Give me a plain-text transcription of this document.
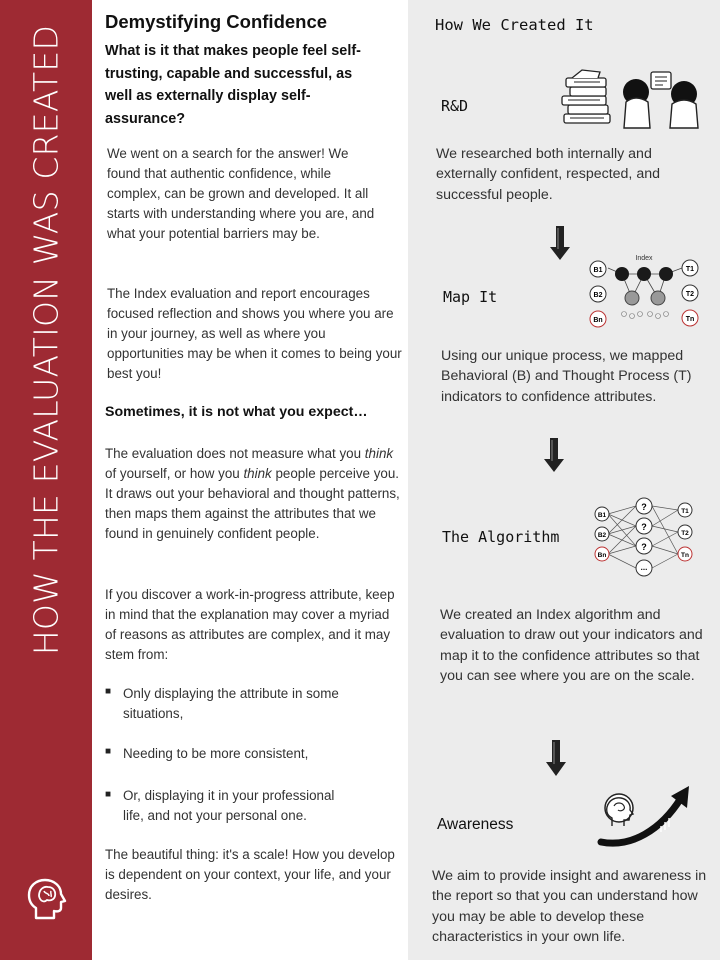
HOW THE EVALUATION WAS CREATED
Demystifying Confidence
What is it that makes people feel self-trusting, capable and successful, as well as externally display self-assurance?
We went on a search for the answer! We found that authentic confidence, while complex, can be grown and developed. It all starts with understanding where you are, and what your potential barriers may be.
The Index evaluation and report encourages focused reflection and shows you where you are in your journey, as well as where you opportunities may be when it comes to being your best you!
Sometimes, it is not what you expect…
The evaluation does not measure what you think of yourself, or how you think people perceive you. It draws out your behavioral and thought patterns, then maps them against the attributes that we found in genuinely confident people.
If you discover a work-in-progress attribute, keep in mind that the explanation may cover a myriad of reasons as attributes are complex, and it may stem from:
■ Only displaying the attribute in some situations,
■ Needing to be more consistent,
■ Or, displaying it in your professional life, and not your personal one.
The beautiful thing: it's a scale! How you develop is dependent on your context, your life, and your desires.
How We Created It
R&D
We researched both internally and externally confident, respected, and successful people.
Map It
Index
B1
B2
Bn
T1
T2
Tn
Using our unique process, we mapped Behavioral (B) and Thought Process (T) indicators to confidence attributes.
The Algorithm
B1
B2
Bn
?
?
?
...
T1
T2
Tn
We created an Index algorithm and evaluation to draw out your indicators and map it to the confidence attributes so that you can see where you are on the scale.
Awareness
We aim to provide insight and awareness in the report so that you can understand how you may be able to develop these characteristics in your own life.
